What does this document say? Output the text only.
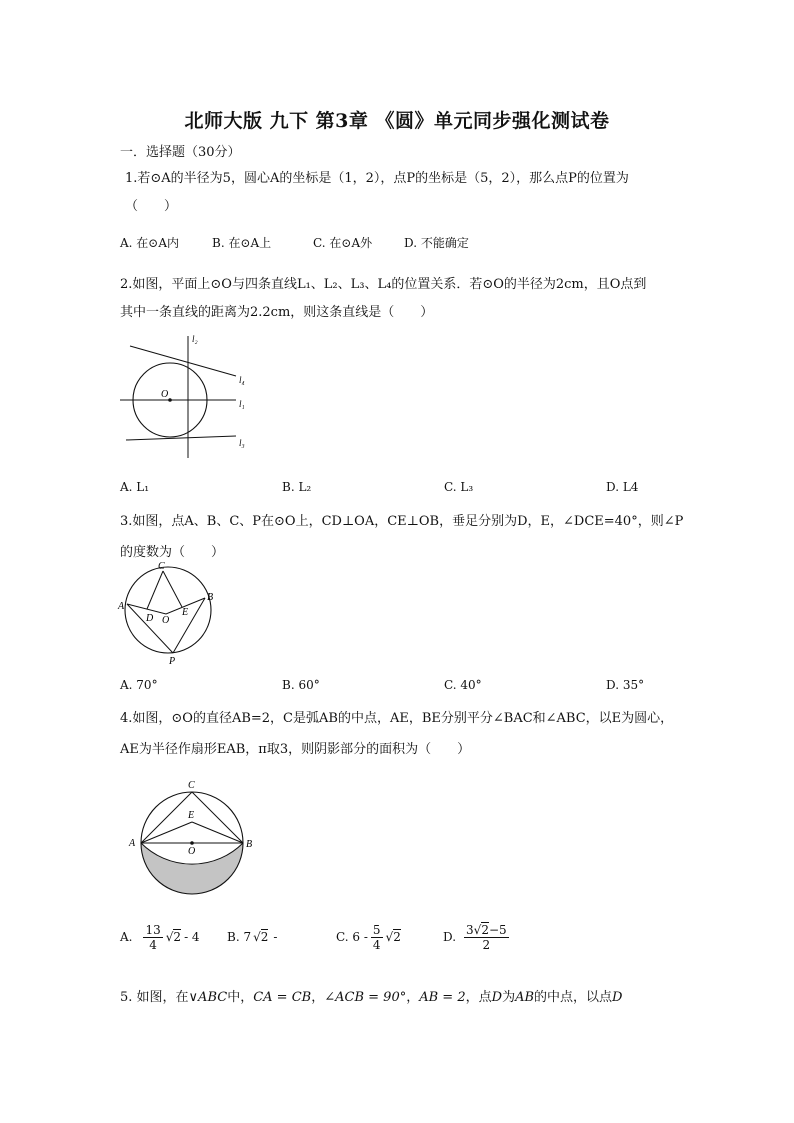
北师大版 九下 第3章 《圆》单元同步强化测试卷
一．选择题（30分）
1.若⊙A的半径为5，圆心A的坐标是（1，2），点P的坐标是（5，2），那么点P的位置为
（　　）
A. 在⊙A内	B. 在⊙A上	C. 在⊙A外	D. 不能确定
2.如图，平面上⊙O与四条直线L₁、L₂、L₃、L₄的位置关系．若⊙O的半径为2cm，且O点到
其中一条直线的距离为2.2cm，则这条直线是（　　）
O
l₂
l₄
l₁
l₃
A. L₁	B. L₂	C. L₃	D. L4
3.如图，点A、B、C、P在⊙O上，CD⊥OA，CE⊥OB，垂足分别为D，E，∠DCE=40°，则∠P
的度数为（　　）
C
A
B
D O
E
P
A. 70°	B. 60°	C. 40°	D. 35°
4.如图，⊙O的直径AB=2，C是弧AB的中点，AE，BE分别平分∠BAC和∠ABC，以E为圆心，
AE为半径作扇形EAB，π取3，则阴影部分的面积为（　　）
C
E
A	B
O
A. $\frac{13}{4} √2 - 4$ B. 7 √2 -	C. $6 - \frac{5}{4} √2$	D. $\frac{3√2-5}{2}$
5. 如图，在∨ABC中，CA = CB，∠ACB = 90°，AB = 2，点D为AB的中点，以点D
